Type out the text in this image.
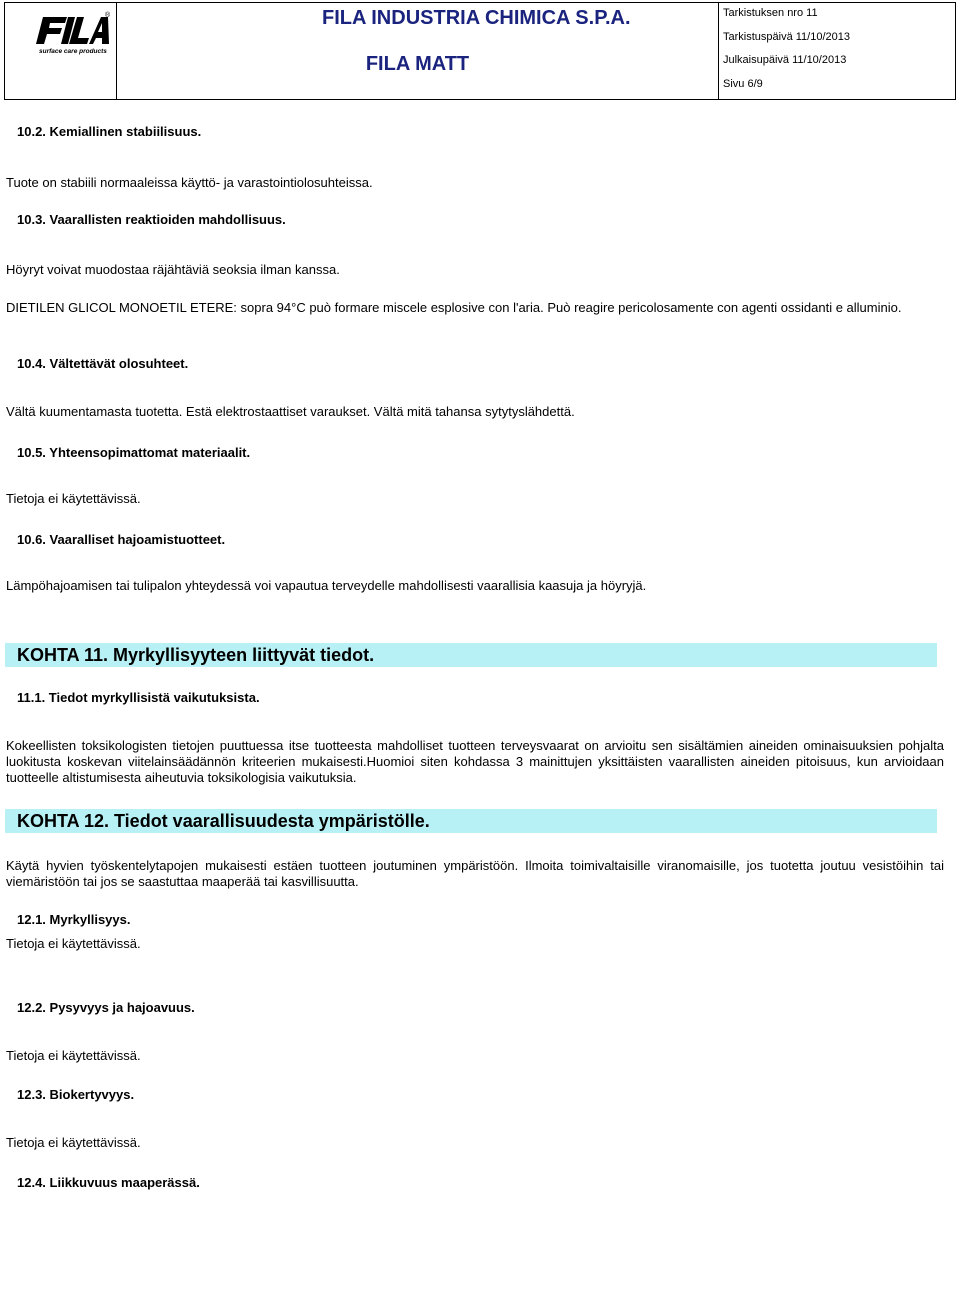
®
surface care products
FILA INDUSTRIA CHIMICA S.P.A.
FILA MATT
Tarkistuksen nro 11
Tarkistuspäivä 11/10/2013
Julkaisupäivä 11/10/2013
Sivu 6/9
10.2. Kemiallinen stabiilisuus.
Tuote on stabiili normaaleissa käyttö- ja varastointiolosuhteissa.
10.3. Vaarallisten reaktioiden mahdollisuus.
Höyryt voivat muodostaa räjähtäviä seoksia ilman kanssa.
DIETILEN GLICOL MONOETIL ETERE: sopra 94°C può formare miscele esplosive con l'aria. Può reagire pericolosamente con agenti ossidanti e alluminio.
10.4. Vältettävät olosuhteet.
Vältä kuumentamasta tuotetta. Estä elektrostaattiset varaukset. Vältä mitä tahansa sytytyslähdettä.
10.5. Yhteensopimattomat materiaalit.
Tietoja ei käytettävissä.
10.6. Vaaralliset hajoamistuotteet.
Lämpöhajoamisen tai tulipalon yhteydessä voi vapautua terveydelle mahdollisesti vaarallisia kaasuja ja höyryjä.
KOHTA 11. Myrkyllisyyteen liittyvät tiedot.
11.1. Tiedot myrkyllisistä vaikutuksista.
Kokeellisten toksikologisten tietojen puuttuessa itse tuotteesta mahdolliset tuotteen terveysvaarat on arvioitu sen sisältämien aineiden ominaisuuksien pohjalta luokitusta koskevan viitelainsäädännön kriteerien mukaisesti.Huomioi siten kohdassa 3 mainittujen yksittäisten vaarallisten aineiden pitoisuus, kun arvioidaan tuotteelle altistumisesta aiheutuvia toksikologisia vaikutuksia.
KOHTA 12. Tiedot vaarallisuudesta ympäristölle.
Käytä hyvien työskentelytapojen mukaisesti estäen tuotteen joutuminen ympäristöön. Ilmoita toimivaltaisille viranomaisille, jos tuotetta joutuu vesistöihin tai viemäristöön tai jos se saastuttaa maaperää tai kasvillisuutta.
12.1. Myrkyllisyys.
Tietoja ei käytettävissä.
12.2. Pysyvyys ja hajoavuus.
Tietoja ei käytettävissä.
12.3. Biokertyvyys.
Tietoja ei käytettävissä.
12.4. Liikkuvuus maaperässä.
